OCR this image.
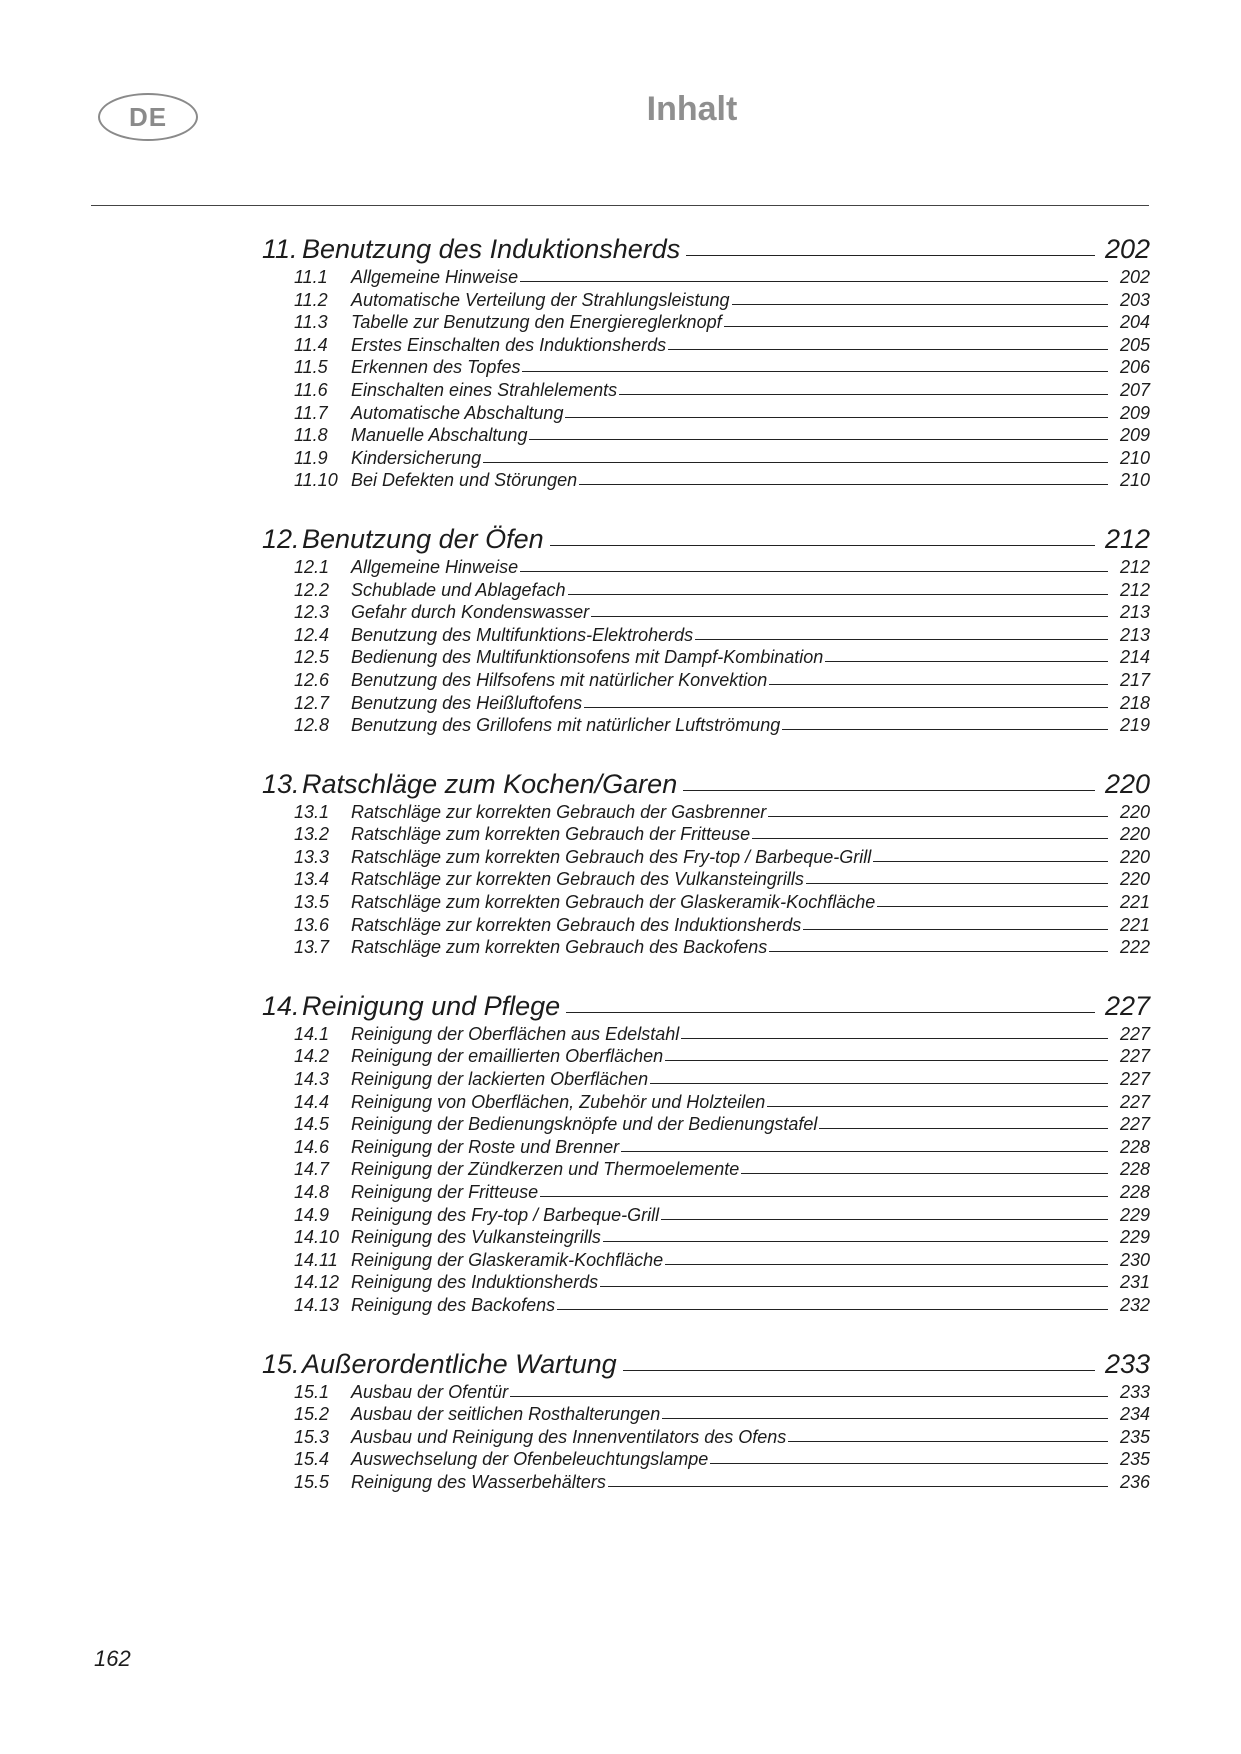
DE	Inhalt
11. Benutzung des Induktionsherds	202
11.1	Allgemeine Hinweise	202
11.2	Automatische Verteilung der Strahlungsleistung	203
11.3	Tabelle zur Benutzung den Energiereglerknopf	204
11.4	Erstes Einschalten des Induktionsherds	205
11.5	Erkennen des Topfes	206
11.6	Einschalten eines Strahlelements	207
11.7	Automatische Abschaltung	209
11.8	Manuelle Abschaltung	209
11.9	Kindersicherung	210
11.10 Bei Defekten und Störungen	210
12. Benutzung der Öfen	212
12.1	Allgemeine Hinweise	212
12.2	Schublade und Ablagefach	212
12.3	Gefahr durch Kondenswasser	213
12.4	Benutzung des Multifunktions-Elektroherds	213
12.5	Bedienung des Multifunktionsofens mit Dampf-Kombination	214
12.6	Benutzung des Hilfsofens mit natürlicher Konvektion	217
12.7	Benutzung des Heißluftofens	218
12.8	Benutzung des Grillofens mit natürlicher Luftströmung	219
13. Ratschläge zum Kochen/Garen	220
13.1	Ratschläge zur korrekten Gebrauch der Gasbrenner	220
13.2	Ratschläge zum korrekten Gebrauch der Fritteuse	220
13.3	Ratschläge zum korrekten Gebrauch des Fry-top / Barbeque-Grill	220
13.4	Ratschläge zur korrekten Gebrauch des Vulkansteingrills	220
13.5	Ratschläge zum korrekten Gebrauch der Glaskeramik-Kochfläche	221
13.6	Ratschläge zur korrekten Gebrauch des Induktionsherds	221
13.7	Ratschläge zum korrekten Gebrauch des Backofens	222
14. Reinigung und Pflege	227
14.1	Reinigung der Oberflächen aus Edelstahl	227
14.2	Reinigung der emaillierten Oberflächen	227
14.3	Reinigung der lackierten Oberflächen	227
14.4	Reinigung von Oberflächen, Zubehör und Holzteilen	227
14.5	Reinigung der Bedienungsknöpfe und der Bedienungstafel	227
14.6	Reinigung der Roste und Brenner	228
14.7	Reinigung der Zündkerzen und Thermoelemente	228
14.8	Reinigung der Fritteuse	228
14.9	Reinigung des Fry-top / Barbeque-Grill	229
14.10 Reinigung des Vulkansteingrills	229
14.11 Reinigung der Glaskeramik-Kochfläche	230
14.12 Reinigung des Induktionsherds	231
14.13 Reinigung des Backofens	232
15. Außerordentliche Wartung	233
15.1	Ausbau der Ofentür	233
15.2	Ausbau der seitlichen Rosthalterungen	234
15.3	Ausbau und Reinigung des Innenventilators des Ofens	235
15.4	Auswechselung der Ofenbeleuchtungslampe	235
15.5	Reinigung des Wasserbehälters	236
162
